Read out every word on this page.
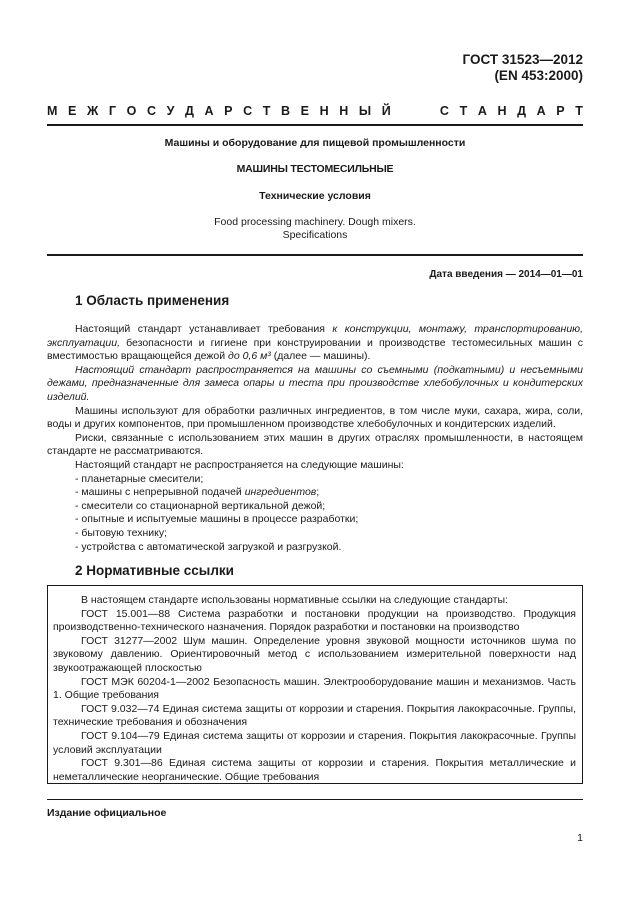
ГОСТ 31523—2012
(EN 453:2000)
М Е Ж Г О С У Д А Р С Т В Е Н Н Ы Й	С Т А Н Д А Р Т
Машины и оборудование для пищевой промышленности
МАШИНЫ ТЕСТОМЕСИЛЬНЫЕ
Технические условия
Food processing machinery. Dough mixers.
Specifications
Дата введения — 2014—01—01
1 Область применения

Настоящий стандарт устанавливает требования к конструкции, монтажу, транспортированию, эксплуатации, безопасности и гигиене при конструировании и производстве тестомесильных машин с вместимостью вращающейся дежой до 0,6 м³ (далее — машины).

Настоящий стандарт распространяется на машины со съемными (подкатными) и несъемными дежами, предназначенные для замеса опары и теста при производстве хлебобулочных и кондитерских изделий.

Машины используют для обработки различных ингредиентов, в том числе муки, сахара, жира, соли, воды и других компонентов, при промышленном производстве хлебобулочных и кондитерских изделий.

Риски, связанные с использованием этих машин в других отраслях промышленности, в настоящем стандарте не рассматриваются.

Настоящий стандарт не распространяется на следующие машины:

- планетарные смесители;

- машины с непрерывной подачей ингредиентов;

- смесители со стационарной вертикальной дежой;

- опытные и испытуемые машины в процессе разработки;

- бытовую технику;

- устройства с автоматической загрузкой и разгрузкой.

2 Нормативные ссылки

В настоящем стандарте использованы нормативные ссылки на следующие стандарты:

ГОСТ 15.001—88 Система разработки и постановки продукции на производство. Продукция производственно-технического назначения. Порядок разработки и постановки на производство

ГОСТ 31277—2002 Шум машин. Определение уровня звуковой мощности источников шума по звуковому давлению. Ориентировочный метод с использованием измерительной поверхности над звукоотражающей плоскостью

ГОСТ МЭК 60204-1—2002 Безопасность машин. Электрооборудование машин и механизмов. Часть 1. Общие требования

ГОСТ 9.032—74 Единая система защиты от коррозии и старения. Покрытия лакокрасочные. Группы, технические требования и обозначения

ГОСТ 9.104—79 Единая система защиты от коррозии и старения. Покрытия лакокрасочные. Группы условий эксплуатации

ГОСТ 9.301—86 Единая система защиты от коррозии и старения. Покрытия металлические и неметаллические неорганические. Общие требования

Издание официальное
1
